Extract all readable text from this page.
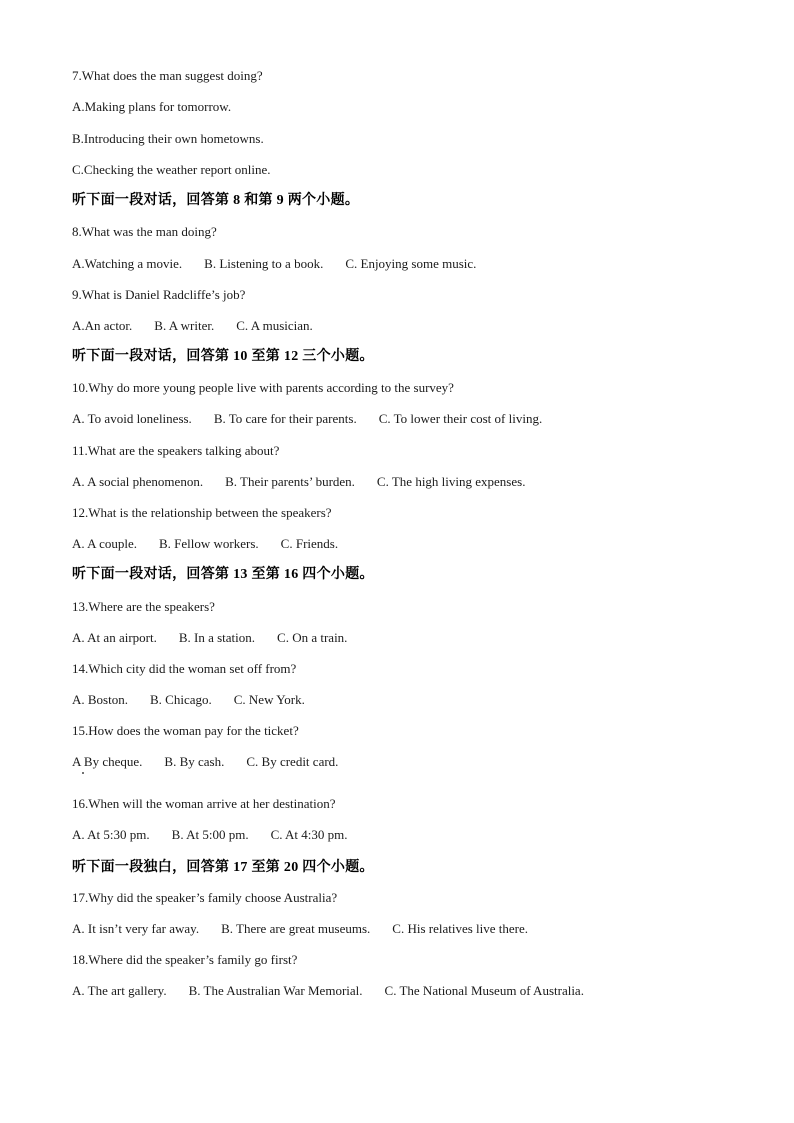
7.What does the man suggest doing?
A.Making plans for tomorrow.
B.Introducing their own hometowns.
C.Checking the weather report online.
听下面一段对话，回答第 8 和第 9 两个小题。
8.What was the man doing?
A.Watching a movie. B. Listening to a book. C. Enjoying some music.
9.What is Daniel Radcliffe’s job?
A.An actor. B. A writer. C. A musician.
听下面一段对话，回答第 10 至第 12 三个小题。
10.Why do more young people live with parents according to the survey?
A. To avoid loneliness. B. To care for their parents. C. To lower their cost of living.
11.What are the speakers talking about?
A. A social phenomenon. B. Their parents’ burden. C. The high living expenses.
12.What is the relationship between the speakers?
A. A couple. B. Fellow workers. C. Friends.
听下面一段对话，回答第 13 至第 16 四个小题。
13.Where are the speakers?
A. At an airport. B. In a station. C. On a train.
14.Which city did the woman set off from?
A. Boston. B. Chicago. C. New York.
15.How does the woman pay for the ticket?
A By cheque. B. By cash. C. By credit card.
16.When will the woman arrive at her destination?
A. At 5:30 pm. B. At 5:00 pm. C. At 4:30 pm.
听下面一段独白，回答第 17 至第 20 四个小题。
17.Why did the speaker’s family choose Australia?
A. It isn’t very far away. B. There are great museums. C. His relatives live there.
18.Where did the speaker’s family go first?
A. The art gallery. B. The Australian War Memorial. C. The National Museum of Australia.
